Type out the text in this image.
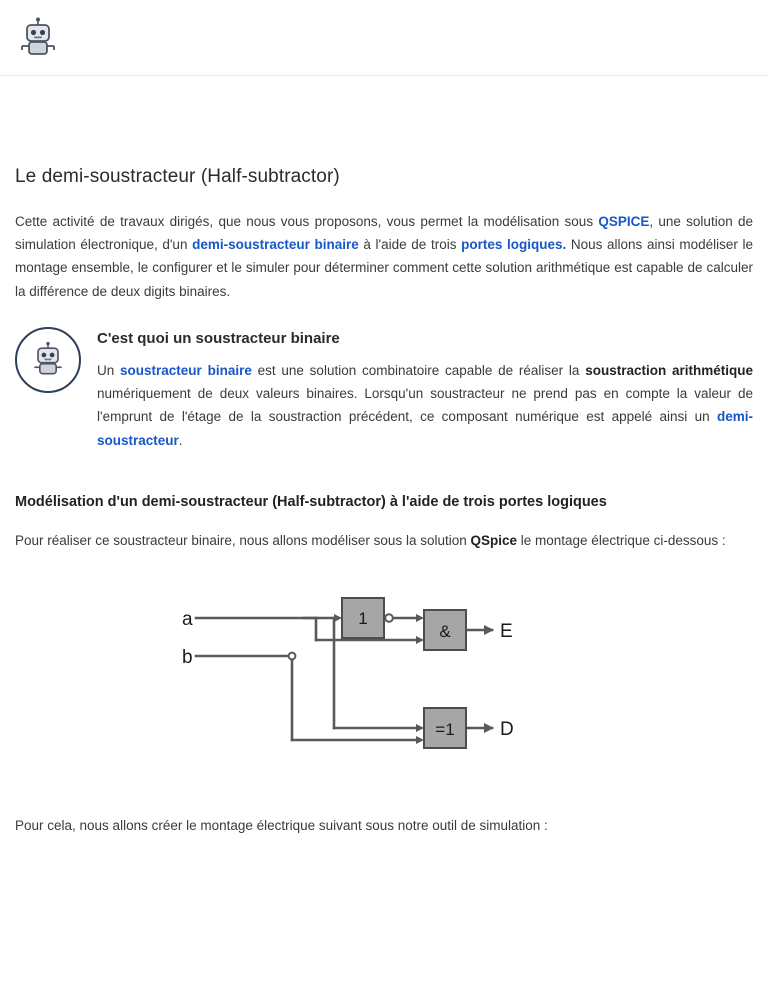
Le demi-soustracteur (Half-subtractor)

Cette activité de travaux dirigés, que nous vous proposons, vous permet la modélisation sous QSPICE, une solution de simulation électronique, d'un demi-soustracteur binaire à l'aide de trois portes logiques. Nous allons ainsi modéliser le montage ensemble, le configurer et le simuler pour déterminer comment cette solution arithmétique est capable de calculer la différence de deux digits binaires.

C'est quoi un soustracteur binaire

Un soustracteur binaire est une solution combinatoire capable de réaliser la soustraction arithmétique numériquement de deux valeurs binaires. Lorsqu'un soustracteur ne prend pas en compte la valeur de l'emprunt de l'étage de la soustraction précédent, ce composant numérique est appelé ainsi un demi-soustracteur.

Modélisation d'un demi-soustracteur (Half-subtractor) à l'aide de trois portes logiques

Pour réaliser ce soustracteur binaire, nous allons modéliser sous la solution QSpice le montage électrique ci-dessous :

1
&
=1
a
b
E
D

Pour cela, nous allons créer le montage électrique suivant sous notre outil de simulation :
